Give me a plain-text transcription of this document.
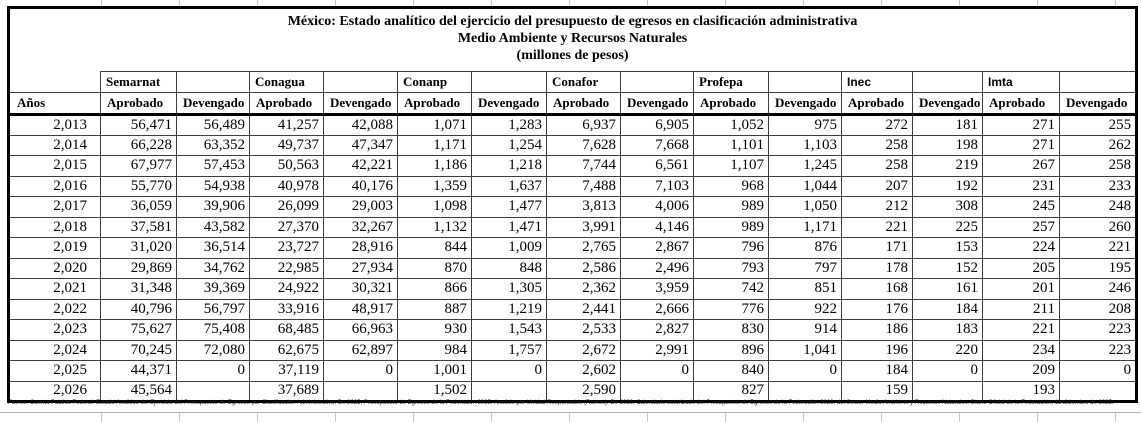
México: Estado analítico del ejercicio del presupuesto de egresos en clasificación administrativa
Medio Ambiente y Recursos Naturales
(millones de pesos)														

	Semarnat		Conagua		Conanp		Conafor		Profepa		Inec		Imta	
Años	Aprobado	Devengado	Aprobado	Devengado	Aprobado	Devengado	Aprobado	Devengado	Aprobado	Devengado	Aprobado	Devengado	Aprobado	Devengado
2,013	56,471	56,489	41,257	42,088	1,071	1,283	6,937	6,905	1,052	975	272	181	271	255
2,014	66,228	63,352	49,737	47,347	1,171	1,254	7,628	7,668	1,101	1,103	258	198	271	262
2,015	67,977	57,453	50,563	42,221	1,186	1,218	7,744	6,561	1,107	1,245	258	219	267	258
2,016	55,770	54,938	40,978	40,176	1,359	1,637	7,488	7,103	968	1,044	207	192	231	233
2,017	36,059	39,906	26,099	29,003	1,098	1,477	3,813	4,006	989	1,050	212	308	245	248
2,018	37,581	43,582	27,370	32,267	1,132	1,471	3,991	4,146	989	1,171	221	225	257	260
2,019	31,020	36,514	23,727	28,916	844	1,009	2,765	2,867	796	876	171	153	224	221
2,020	29,869	34,762	22,985	27,934	870	848	2,586	2,496	793	797	178	152	205	195
2,021	31,348	39,369	24,922	30,321	866	1,305	2,362	3,959	742	851	168	161	201	246
2,022	40,796	56,797	33,916	48,917	887	1,219	2,441	2,666	776	922	176	184	211	208
2,023	75,627	75,408	68,485	66,963	930	1,543	2,533	2,827	830	914	186	183	221	223
2,024	70,245	72,080	62,675	62,897	984	1,757	2,672	2,991	896	1,041	196	220	234	223
2,025	44,371	0	37,119	0	1,001	0	2,602	0	840	0	184	0	209	0
2,026	45,564		37,689		1,502		2,590		827		159		193	
Fuente: Cuenta Publica Federal. Estado Analitico del Ejercicio del Presupuesto de Egresos por Clasificacion Administrativa. De 2025, Presupuesto de Egresos de la Federación 2025. Analisis por Unidad Responsable (Ramos). De 2026, Calendario autorizado del Presupuesto de Egresos de la Federación 2026, del Sector Medio Ambiente y Recursos Naturales. Diario Oficial de la Federación, 11 diciembre de 2025.
